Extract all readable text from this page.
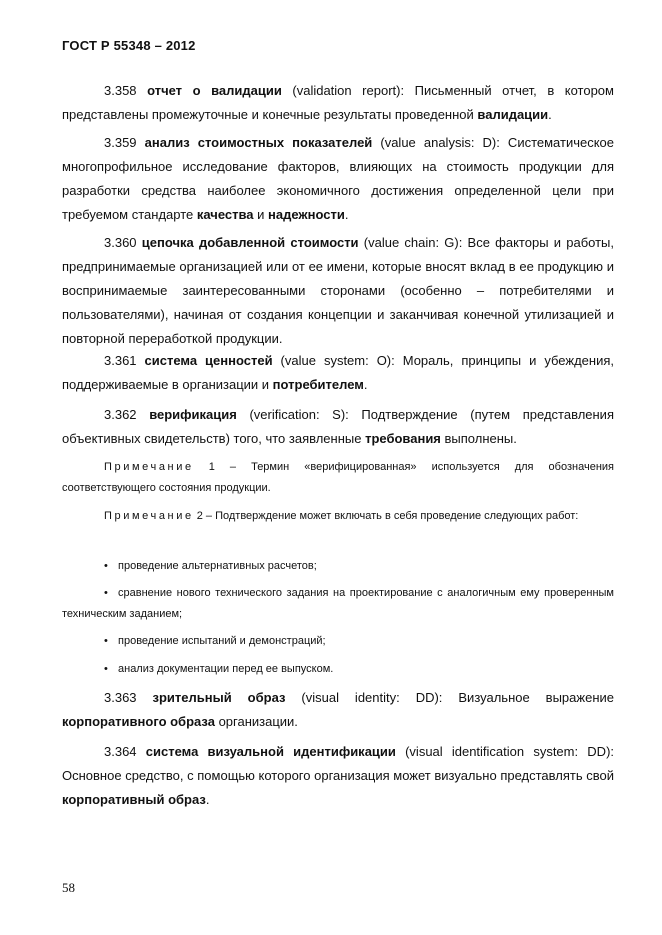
ГОСТ Р 55348 – 2012

3.358 отчет о валидации (validation report): Письменный отчет, в котором представлены промежуточные и конечные результаты проведенной валидации.

3.359 анализ стоимостных показателей (value analysis: D): Систематическое многопрофильное исследование факторов, влияющих на стоимость продукции для разработки средства наиболее экономичного достижения определенной цели при требуемом стандарте качества и надежности.

3.360 цепочка добавленной стоимости (value chain: G): Все факторы и работы, предпринимаемые организацией или от ее имени, которые вносят вклад в ее продукцию и воспринимаемые заинтересованными сторонами (особенно – потребителями и пользователями), начиная от создания концепции и заканчивая конечной утилизацией и повторной переработкой продукции.

3.361 система ценностей (value system: O): Мораль, принципы и убеждения, поддерживаемые в организации и потребителем.

3.362 верификация (verification: S): Подтверждение (путем представления объективных свидетельств) того, что заявленные требования выполнены.

Примечание 1 – Термин «верифицированная» используется для обозначения соответствующего состояния продукции.

Примечание 2 – Подтверждение может включать в себя проведение следующих работ:

• проведение альтернативных расчетов;

• сравнение нового технического задания на проектирование с аналогичным ему проверенным техническим заданием;

• проведение испытаний и демонстраций;

• анализ документации перед ее выпуском.

3.363 зрительный образ (visual identity: DD): Визуальное выражение корпоративного образа организации.

3.364 система визуальной идентификации (visual identification system: DD): Основное средство, с помощью которого организация может визуально представлять свой корпоративный образ.

58
